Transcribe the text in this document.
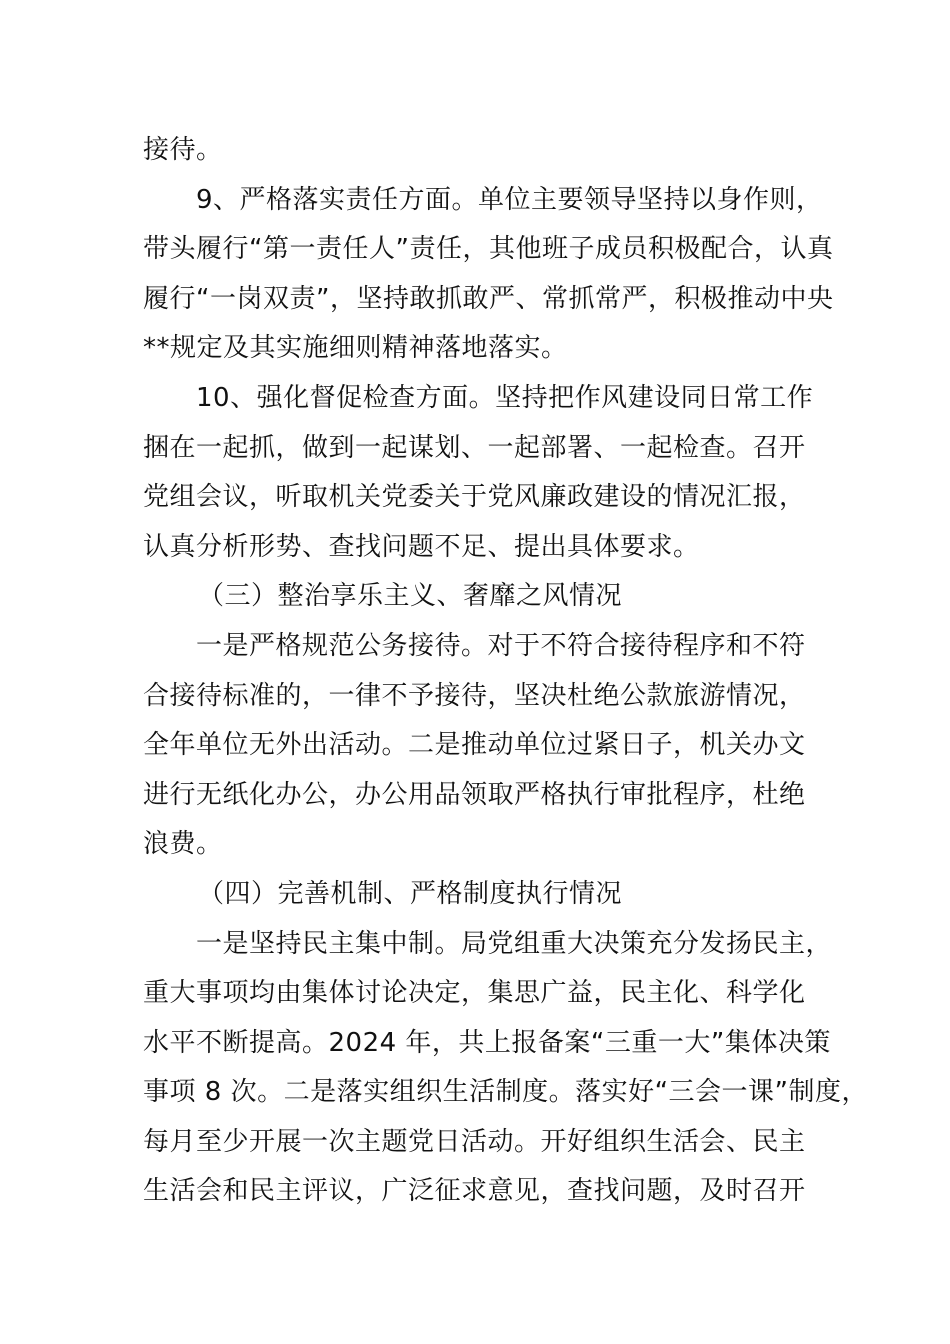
接待。

9、严格落实责任方面。单位主要领导坚持以身作则，
带头履行“第一责任人”责任，其他班子成员积极配合，认真
履行“一岗双责”，坚持敢抓敢严、常抓常严，积极推动中央
**规定及其实施细则精神落地落实。

10、强化督促检查方面。坚持把作风建设同日常工作
捆在一起抓，做到一起谋划、一起部署、一起检查。召开
党组会议，听取机关党委关于党风廉政建设的情况汇报，
认真分析形势、查找问题不足、提出具体要求。

（三）整治享乐主义、奢靡之风情况

一是严格规范公务接待。对于不符合接待程序和不符
合接待标准的，一律不予接待，坚决杜绝公款旅游情况，
全年单位无外出活动。二是推动单位过紧日子，机关办文
进行无纸化办公，办公用品领取严格执行审批程序，杜绝
浪费。

（四）完善机制、严格制度执行情况

一是坚持民主集中制。局党组重大决策充分发扬民主，
重大事项均由集体讨论决定，集思广益，民主化、科学化
水平不断提高。2024 年，共上报备案“三重一大”集体决策
事项 8 次。二是落实组织生活制度。落实好“三会一课”制度，
每月至少开展一次主题党日活动。开好组织生活会、民主
生活会和民主评议，广泛征求意见，查找问题，及时召开
